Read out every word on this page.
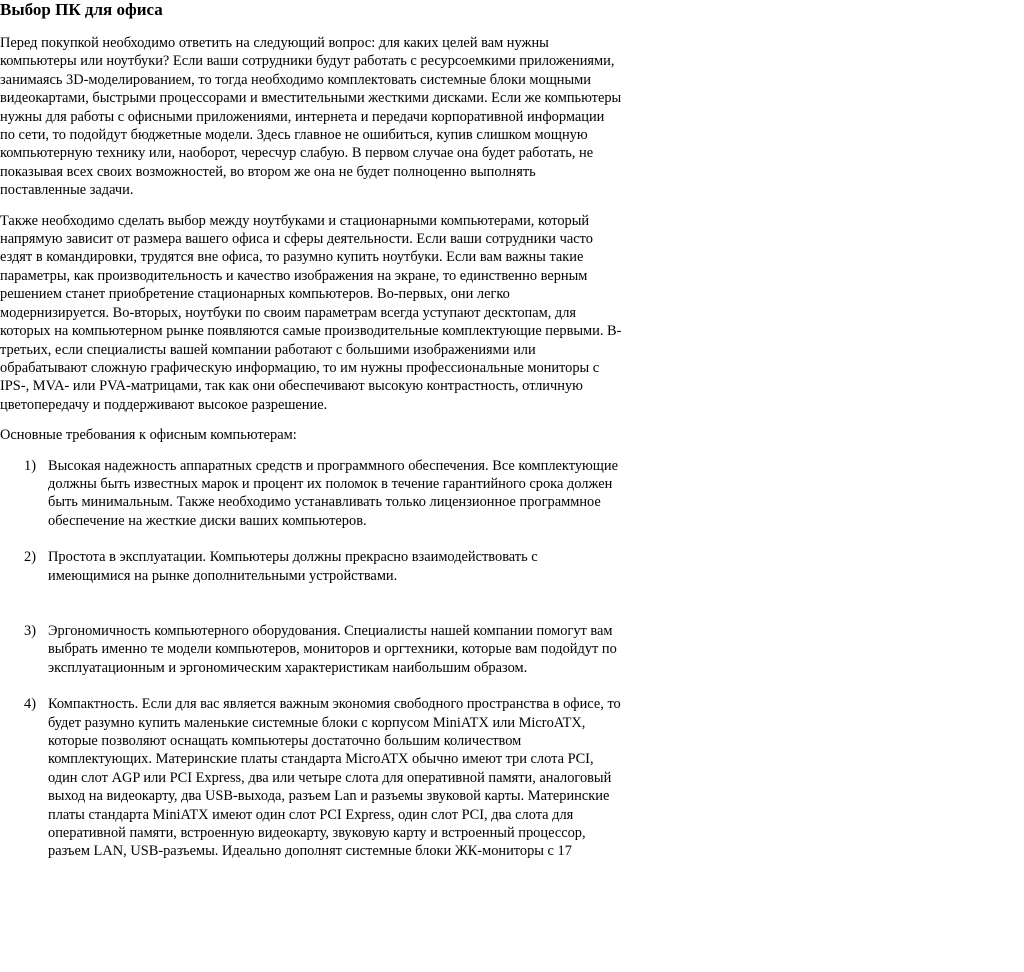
Выбор ПК для офиса

Перед покупкой необходимо ответить на следующий вопрос: для каких целей вам нужны компьютеры или ноутбуки? Если ваши сотрудники будут работать с ресурсоемкими приложениями, занимаясь 3D-моделированием, то тогда необходимо комплектовать системные блоки мощными видеокартами, быстрыми процессорами и вместительными жесткими дисками. Если же компьютеры нужны для работы с офисными приложениями, интернета и передачи корпоративной информации по сети, то подойдут бюджетные модели. Здесь главное не ошибиться, купив слишком мощную компьютерную технику или, наоборот, чересчур слабую. В первом случае она будет работать, не показывая всех своих возможностей, во втором же она не будет полноценно выполнять поставленные задачи.

Также необходимо сделать выбор между ноутбуками и стационарными компьютерами, который напрямую зависит от размера вашего офиса и сферы деятельности. Если ваши сотрудники часто ездят в командировки, трудятся вне офиса, то разумно купить ноутбуки. Если вам важны такие параметры, как производительность и качество изображения на экране, то единственно верным решением станет приобретение стационарных компьютеров. Во-первых, они легко модернизируется. Во-вторых, ноутбуки по своим параметрам всегда уступают десктопам, для которых на компьютерном рынке появляются самые производительные комплектующие первыми. В-третьих, если специалисты вашей компании работают с большими изображениями или обрабатывают сложную графическую информацию, то им нужны профессиональные мониторы с IPS-, MVA- или PVA-матрицами, так как они обеспечивают высокую контрастность, отличную цветопередачу и поддерживают высокое разрешение.

Основные требования к офисным компьютерам:

1) Высокая надежность аппаратных средств и программного обеспечения. Все комплектующие должны быть известных марок и процент их поломок в течение гарантийного срока должен быть минимальным. Также необходимо устанавливать только лицензионное программное обеспечение на жесткие диски ваших компьютеров.
2) Простота в эксплуатации. Компьютеры должны прекрасно взаимодействовать с имеющимися на рынке дополнительными устройствами.
3) Эргономичность компьютерного оборудования. Специалисты нашей компании помогут вам выбрать именно те модели компьютеров, мониторов и оргтехники, которые вам подойдут по эксплуатационным и эргономическим характеристикам наибольшим образом.
4) Компактность. Если для вас является важным экономия свободного пространства в офисе, то будет разумно купить маленькие системные блоки с корпусом MiniATX или MicroATX, которые позволяют оснащать компьютеры достаточно большим количеством комплектующих. Материнские платы стандарта MicroATX обычно имеют три слота PCI, один слот AGP или PCI Express, два или четыре слота для оперативной памяти, аналоговый выход на видеокарту, два USB-выхода, разъем Lan и разъемы звуковой карты. Материнские платы стандарта MiniATX имеют один слот PCI Express, один слот PCI, два слота для оперативной памяти, встроенную видеокарту, звуковую карту и встроенный процессор, разъем LAN, USB-разъемы. Идеально дополнят системные блоки ЖК-мониторы с 17
